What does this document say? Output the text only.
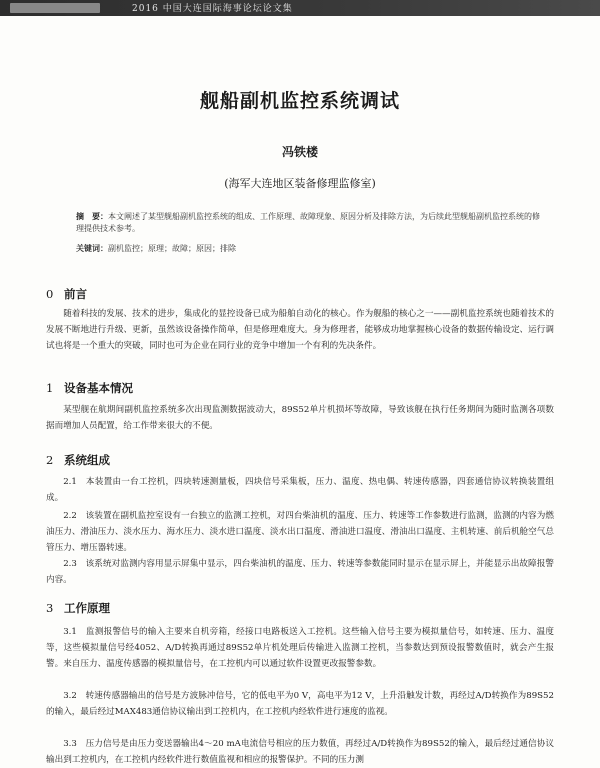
2016 中国大连国际海事论坛论文集
舰船副机监控系统调试
冯铁楼
(海军大连地区装备修理监修室)
摘　要：本文阐述了某型舰船副机监控系统的组成、工作原理、故障现象、原因分析及排除方法，为后续此型舰船副机监控系统的修理提供技术参考。
关键词：副机监控；原理；故障；原因；排除
0 前言
随着科技的发展、技术的进步，集成化的显控设备已成为船舶自动化的核心。作为舰船的核心之一——副机监控系统也随着技术的发展不断地进行升级、更新，虽然该设备操作简单，但是修理难度大。身为修理者，能够成功地掌握核心设备的数据传输设定、运行调试也将是一个重大的突破，同时也可为企业在同行业的竞争中增加一个有利的先决条件。
1 设备基本情况
某型舰在航期间副机监控系统多次出现监测数据波动大，89S52单片机损坏等故障，导致该舰在执行任务期间为随时监测各项数据而增加人员配置，给工作带来很大的不便。
2 系统组成
2.1　本装置由一台工控机，四块转速测量板，四块信号采集板，压力、温度、热电偶、转速传感器，四套通信协议转换装置组成。
2.2　该装置在副机监控室设有一台独立的监测工控机，对四台柴油机的温度、压力、转速等工作参数进行监测，监测的内容为燃油压力、滑油压力、淡水压力、海水压力、淡水进口温度、淡水出口温度、滑油进口温度、滑油出口温度、主机转速、前后机舱空气总管压力、增压器转速。
2.3　该系统对监测内容用显示屏集中显示，四台柴油机的温度、压力、转速等参数能同时显示在显示屏上，并能显示出故障报警内容。
3 工作原理
3.1　监测报警信号的输入主要来自机旁箱，经接口电路板送入工控机。这些输入信号主要为模拟量信号，如转速、压力、温度等，这些模拟量信号经4052、A/D转换再通过89S52单片机处理后传输进入监测工控机，当参数达到预设报警数值时，就会产生报警。来自压力、温度传感器的模拟量信号，在工控机内可以通过软件设置更改报警参数。
3.2　转速传感器输出的信号是方波脉冲信号，它的低电平为0 V，高电平为12 V，上升沿触发计数，再经过A/D转换作为89S52的输入，最后经过MAX483通信协议输出到工控机内，在工控机内经软件进行速度的监视。
3.3　压力信号是由压力变送器输出4～20 mA电流信号相应的压力数值，再经过A/D转换作为89S52的输入，最后经过通信协议输出到工控机内，在工控机内经软件进行数值监视和相应的报警保护。不同的压力测
